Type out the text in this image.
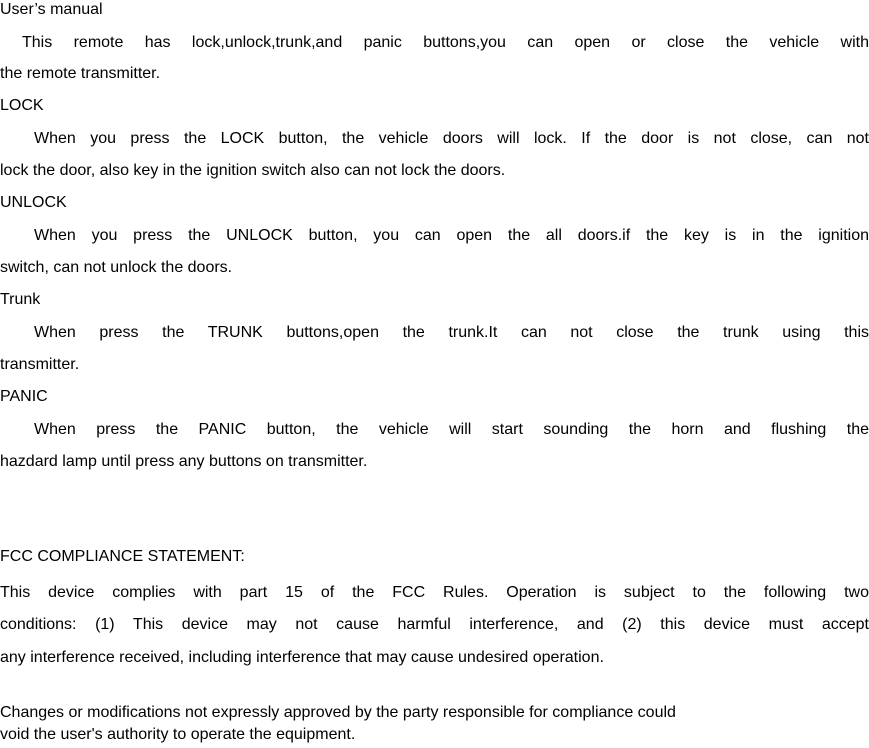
User’s manual
This remote has lock,unlock,trunk,and panic buttons,you can open or close the vehicle with
the remote transmitter.
LOCK
When you press the LOCK button, the vehicle doors will lock. If the door is not close, can not
lock the door, also key in the ignition switch also can not lock the doors.
UNLOCK
When you press the UNLOCK button, you can open the all doors.if the key is in the ignition
switch, can not unlock the doors.
Trunk
When press the TRUNK buttons,open the trunk.It can not close the trunk using this
transmitter.
PANIC
When press the PANIC button, the vehicle will start sounding the horn and flushing the
hazdard lamp until press any buttons on transmitter.
FCC COMPLIANCE STATEMENT:
This device complies with part 15 of the FCC Rules. Operation is subject to the following two
conditions: (1) This device may not cause harmful interference, and (2) this device must accept
any interference received, including interference that may cause undesired operation.
Changes or modifications not expressly approved by the party responsible for compliance could
void the user's authority to operate the equipment.
